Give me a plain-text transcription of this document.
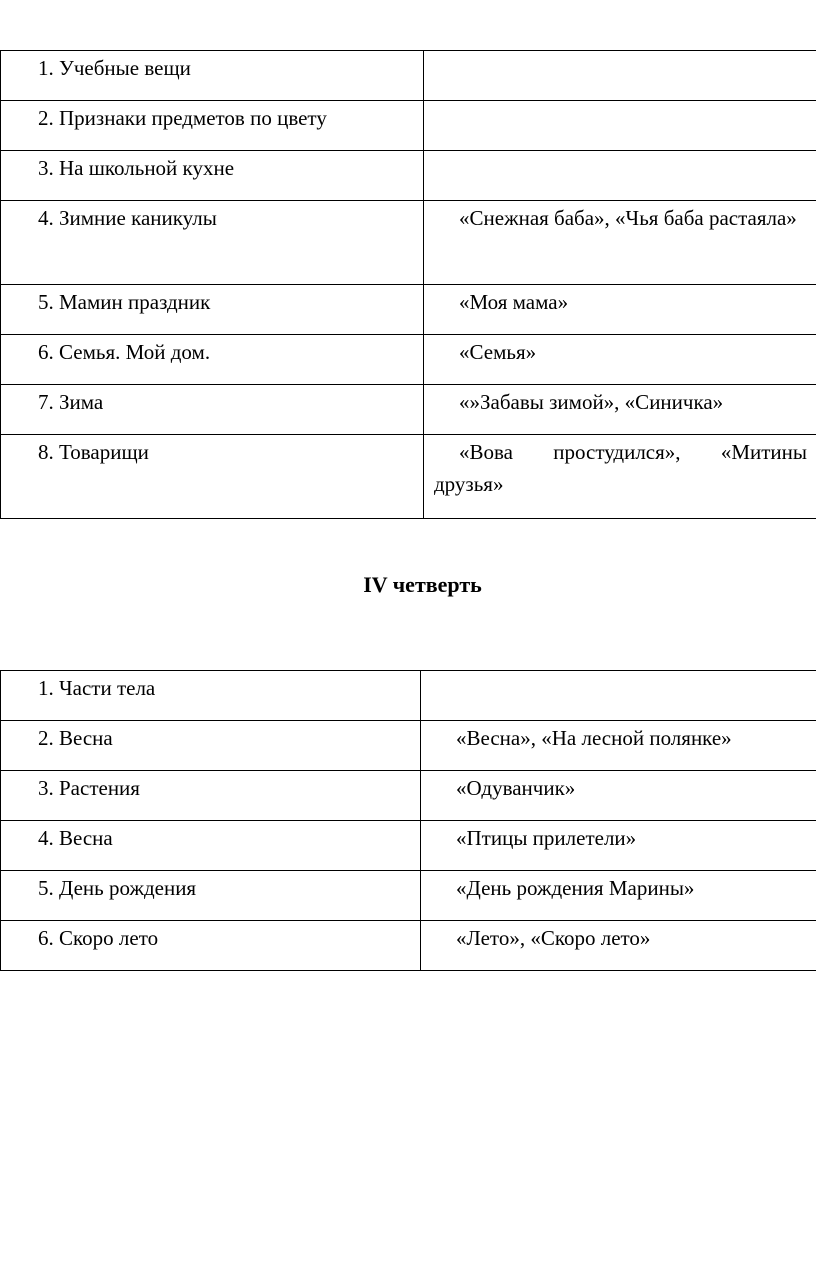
1. Учебные вещи	
2. Признаки предметов по цвету	
3. На школьной кухне	
4. Зимние каникулы	«Снежная баба», «Чья баба растаяла»
5. Мамин праздник	«Моя мама»
6. Семья. Мой дом.	«Семья»
7. Зима	«»Забавы зимой», «Синичка»
8. Товарищи	«Вова простудился», «Митины друзья»
IV четверть
1. Части тела	
2. Весна	«Весна», «На лесной полянке»
3. Растения	«Одуванчик»
4. Весна	«Птицы прилетели»
5. День рождения	«День рождения Марины»
6. Скоро лето	«Лето», «Скоро лето»
